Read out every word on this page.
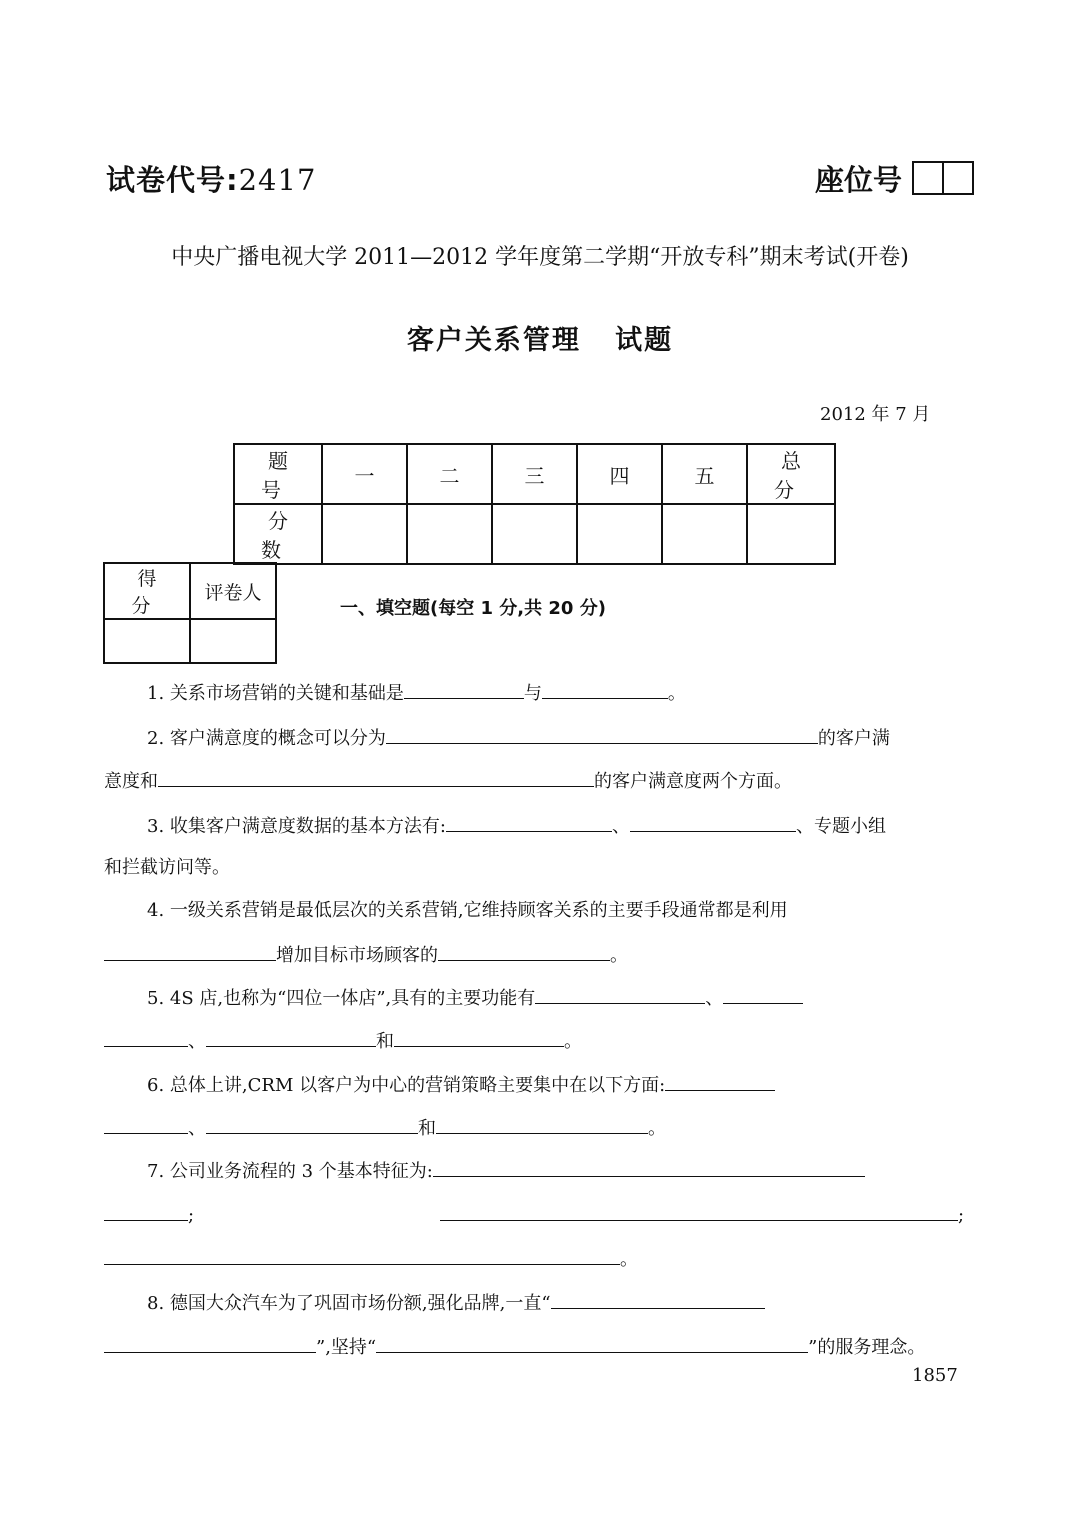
试卷代号:2417	座位号
中央广播电视大学 2011—2012 学年度第二学期“开放专科”期末考试(开卷)
客户关系管理   试题
2012 年 7 月
题 号	一	二	三	四	五	总 分
分 数						
得 分	评卷人

一、填空题(每空 1 分,共 20 分)
1. 关系市场营销的关键和基础是	与	。
2. 客户满意度的概念可以分为	的客户满
意度和	的客户满意度两个方面。
3. 收集客户满意度数据的基本方法有:	、	、专题小组
和拦截访问等。
4. 一级关系营销是最低层次的关系营销,它维持顾客关系的主要手段通常都是利用
增加目标市场顾客的	。
5. 4S 店,也称为“四位一体店”,具有的主要功能有	、
、	和	。
6. 总体上讲,CRM 以客户为中心的营销策略主要集中在以下方面:
、	和	。
7. 公司业务流程的 3 个基本特征为:
;	;
。
8. 德国大众汽车为了巩固市场份额,强化品牌,一直“
”,坚持“	”的服务理念。
1857
